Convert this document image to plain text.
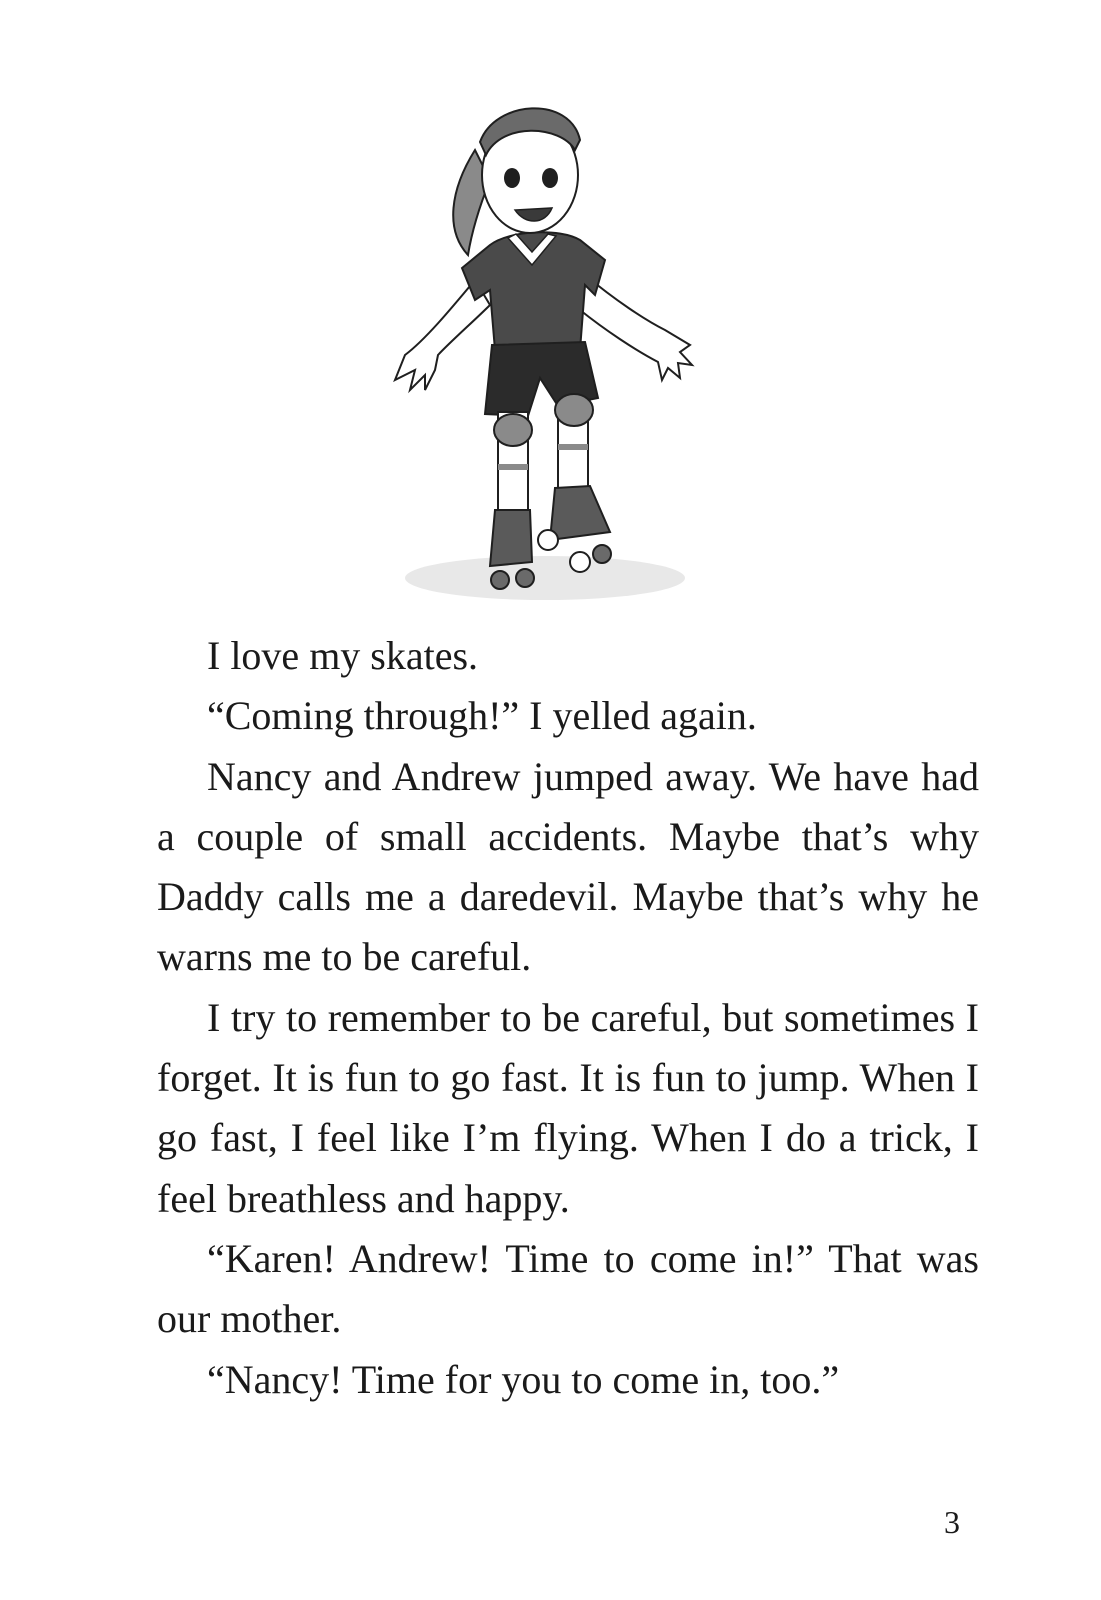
I love my skates.

“Coming through!” I yelled again.

Nancy and Andrew jumped away. We have had a couple of small accidents. Maybe that’s why Daddy calls me a daredevil. Maybe that’s why he warns me to be careful.

I try to remember to be careful, but sometimes I forget. It is fun to go fast. It is fun to jump. When I go fast, I feel like I’m flying. When I do a trick, I feel breathless and happy.

“Karen! Andrew! Time to come in!” That was our mother.

“Nancy! Time for you to come in, too.”

3
